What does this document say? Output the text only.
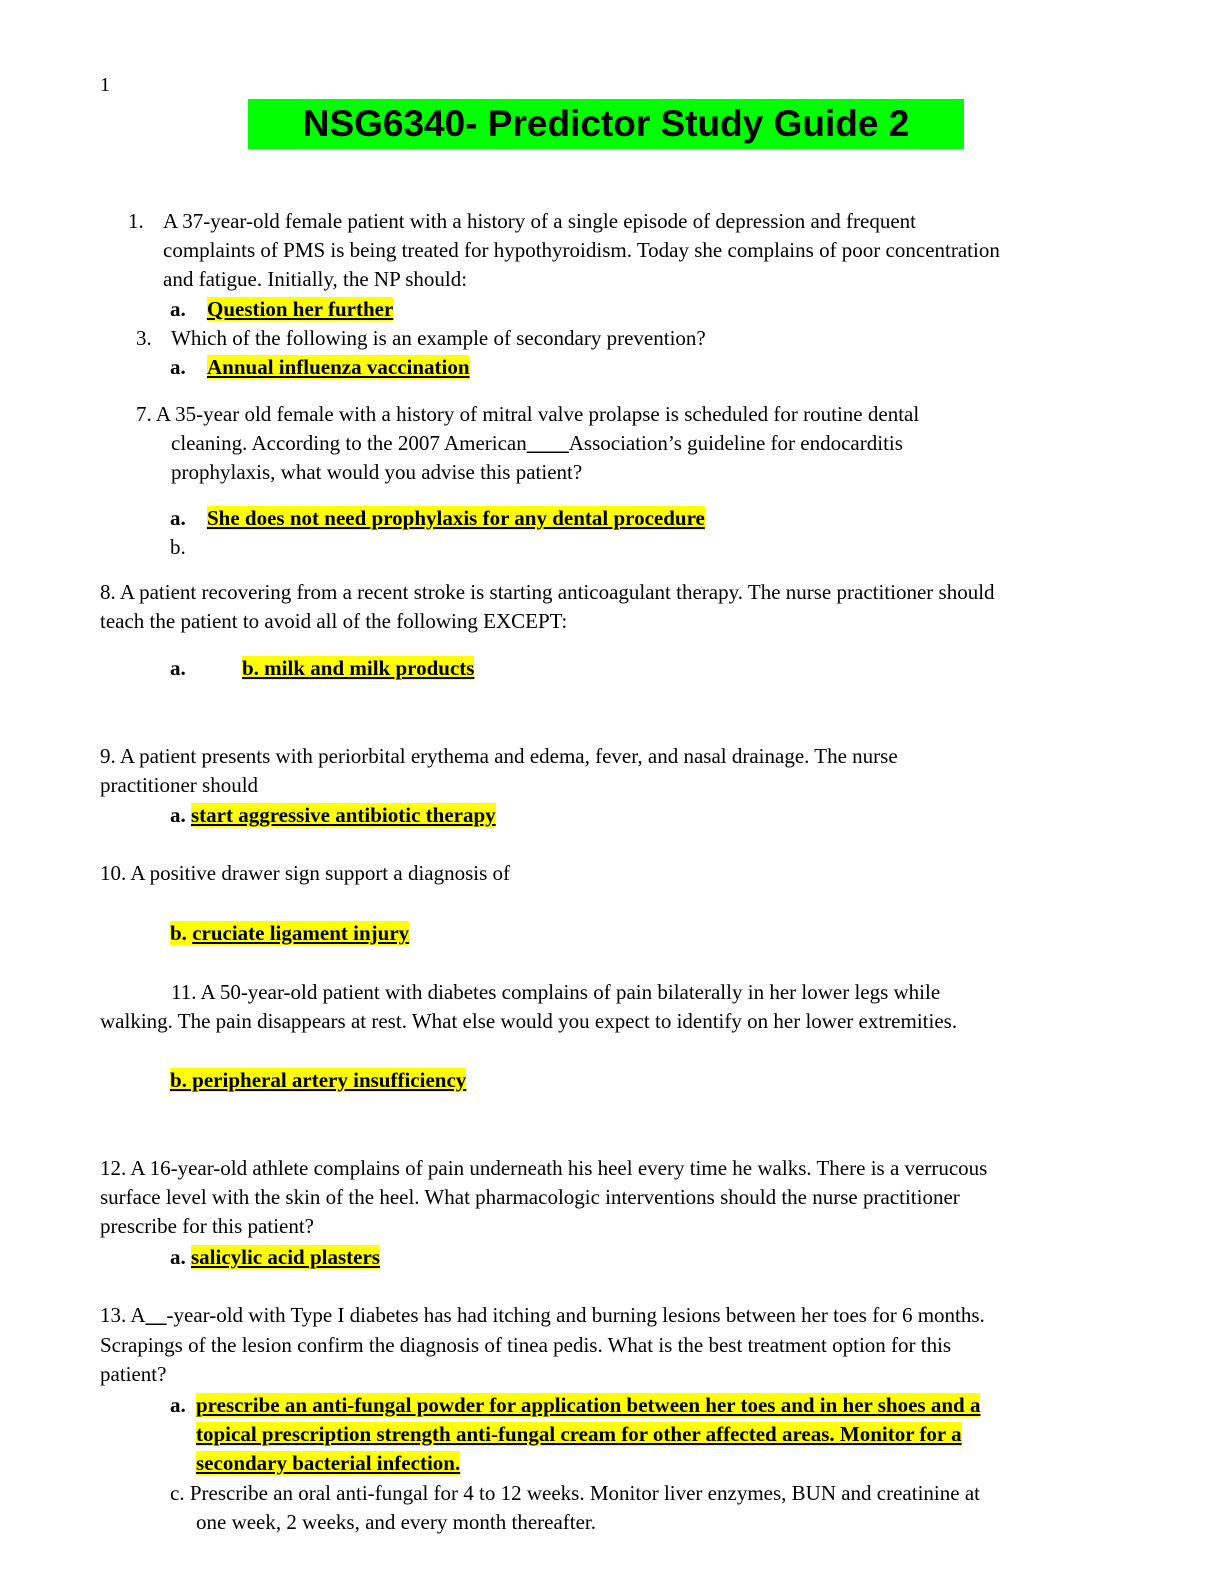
1
NSG6340- Predictor Study Guide 2
1. A 37-year-old female patient with a history of a single episode of depression and frequent
complaints of PMS is being treated for hypothyroidism. Today she complains of poor concentration
and fatigue. Initially, the NP should:
a. Question her further
3. Which of the following is an example of secondary prevention?
a. Annual influenza vaccination
7. A 35-year old female with a history of mitral valve prolapse is scheduled for routine dental
cleaning. According to the 2007 American____Association’s guideline for endocarditis
prophylaxis, what would you advise this patient?
a. She does not need prophylaxis for any dental procedure
b.
8. A patient recovering from a recent stroke is starting anticoagulant therapy. The nurse practitioner should
teach the patient to avoid all of the following EXCEPT:
a.	b. milk and milk products
9. A patient presents with periorbital erythema and edema, fever, and nasal drainage. The nurse
practitioner should
a. start aggressive antibiotic therapy
10. A positive drawer sign support a diagnosis of
b. cruciate ligament injury
11. A 50-year-old patient with diabetes complains of pain bilaterally in her lower legs while
walking. The pain disappears at rest. What else would you expect to identify on her lower extremities.
b. peripheral artery insufficiency
12. A 16-year-old athlete complains of pain underneath his heel every time he walks. There is a verrucous
surface level with the skin of the heel. What pharmacologic interventions should the nurse practitioner
prescribe for this patient?
a. salicylic acid plasters
13. A__-year-old with Type I diabetes has had itching and burning lesions between her toes for 6 months.
Scrapings of the lesion confirm the diagnosis of tinea pedis. What is the best treatment option for this
patient?
a. prescribe an anti-fungal powder for application between her toes and in her shoes and a
topical prescription strength anti-fungal cream for other affected areas. Monitor for a
secondary bacterial infection.
c. Prescribe an oral anti-fungal for 4 to 12 weeks. Monitor liver enzymes, BUN and creatinine at
one week, 2 weeks, and every month thereafter.
